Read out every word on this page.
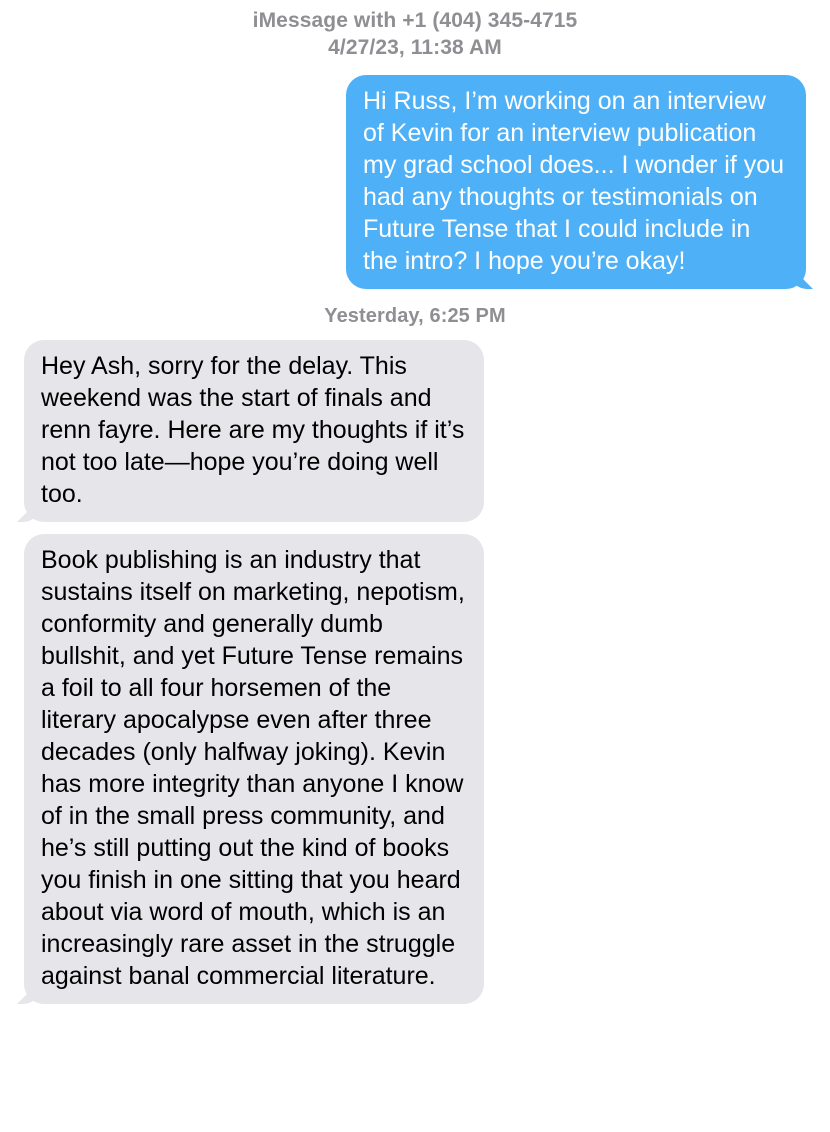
iMessage with +1 (404) 345-4715
4/27/23, 11:38 AM
Hi Russ, I’m working on an interview of Kevin for an interview publication my grad school does... I wonder if you had any thoughts or testimonials on Future Tense that I could include in the intro? I hope you’re okay!
Yesterday, 6:25 PM
Hey Ash, sorry for the delay. This weekend was the start of finals and renn fayre. Here are my thoughts if it’s not too late—hope you’re doing well too.
Book publishing is an industry that sustains itself on marketing, nepotism, conformity and generally dumb bullshit, and yet Future Tense remains a foil to all four horsemen of the literary apocalypse even after three decades (only halfway joking). Kevin has more integrity than anyone I know of in the small press community, and he’s still putting out the kind of books you finish in one sitting that you heard about via word of mouth, which is an increasingly rare asset in the struggle against banal commercial literature.
